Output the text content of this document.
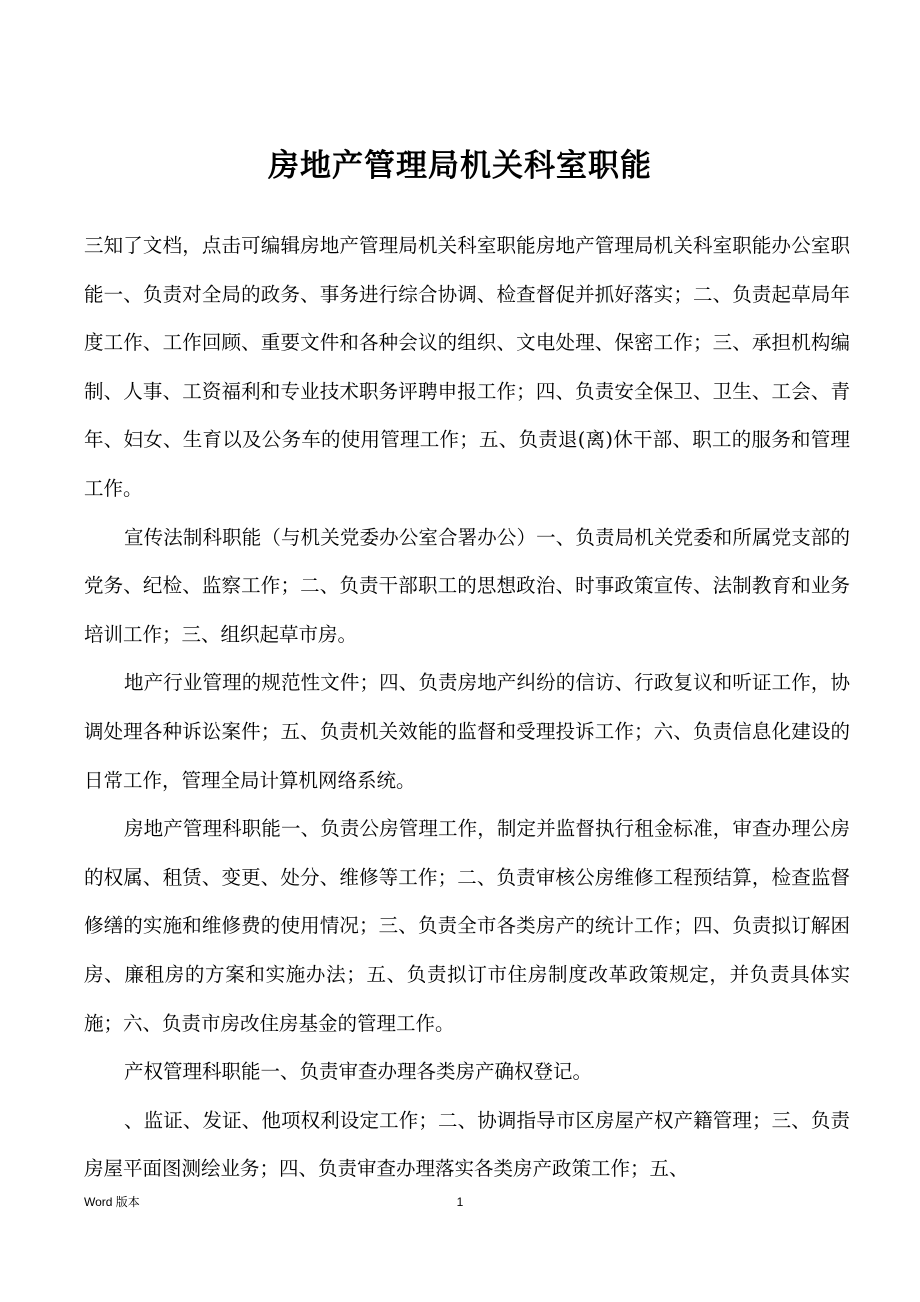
房地产管理局机关科室职能

三知了文档，点击可编辑房地产管理局机关科室职能房地产管理局机关科室职能办公室职能一、负责对全局的政务、事务进行综合协调、检查督促并抓好落实；二、负责起草局年度工作、工作回顾、重要文件和各种会议的组织、文电处理、保密工作；三、承担机构编制、人事、工资福利和专业技术职务评聘申报工作；四、负责安全保卫、卫生、工会、青年、妇女、生育以及公务车的使用管理工作；五、负责退(离)休干部、职工的服务和管理工作。

宣传法制科职能（与机关党委办公室合署办公）一、负责局机关党委和所属党支部的党务、纪检、监察工作；二、负责干部职工的思想政治、时事政策宣传、法制教育和业务培训工作；三、组织起草市房。

地产行业管理的规范性文件；四、负责房地产纠纷的信访、行政复议和听证工作，协调处理各种诉讼案件；五、负责机关效能的监督和受理投诉工作；六、负责信息化建设的日常工作，管理全局计算机网络系统。

房地产管理科职能一、负责公房管理工作，制定并监督执行租金标准，审查办理公房的权属、租赁、变更、处分、维修等工作；二、负责审核公房维修工程预结算，检查监督修缮的实施和维修费的使用情况；三、负责全市各类房产的统计工作；四、负责拟订解困房、廉租房的方案和实施办法；五、负责拟订市住房制度改革政策规定，并负责具体实施；六、负责市房改住房基金的管理工作。

产权管理科职能一、负责审查办理各类房产确权登记。

、监证、发证、他项权利设定工作；二、协调指导市区房屋产权产籍管理；三、负责房屋平面图测绘业务；四、负责审查办理落实各类房产政策工作；五、

Word 版本	1
